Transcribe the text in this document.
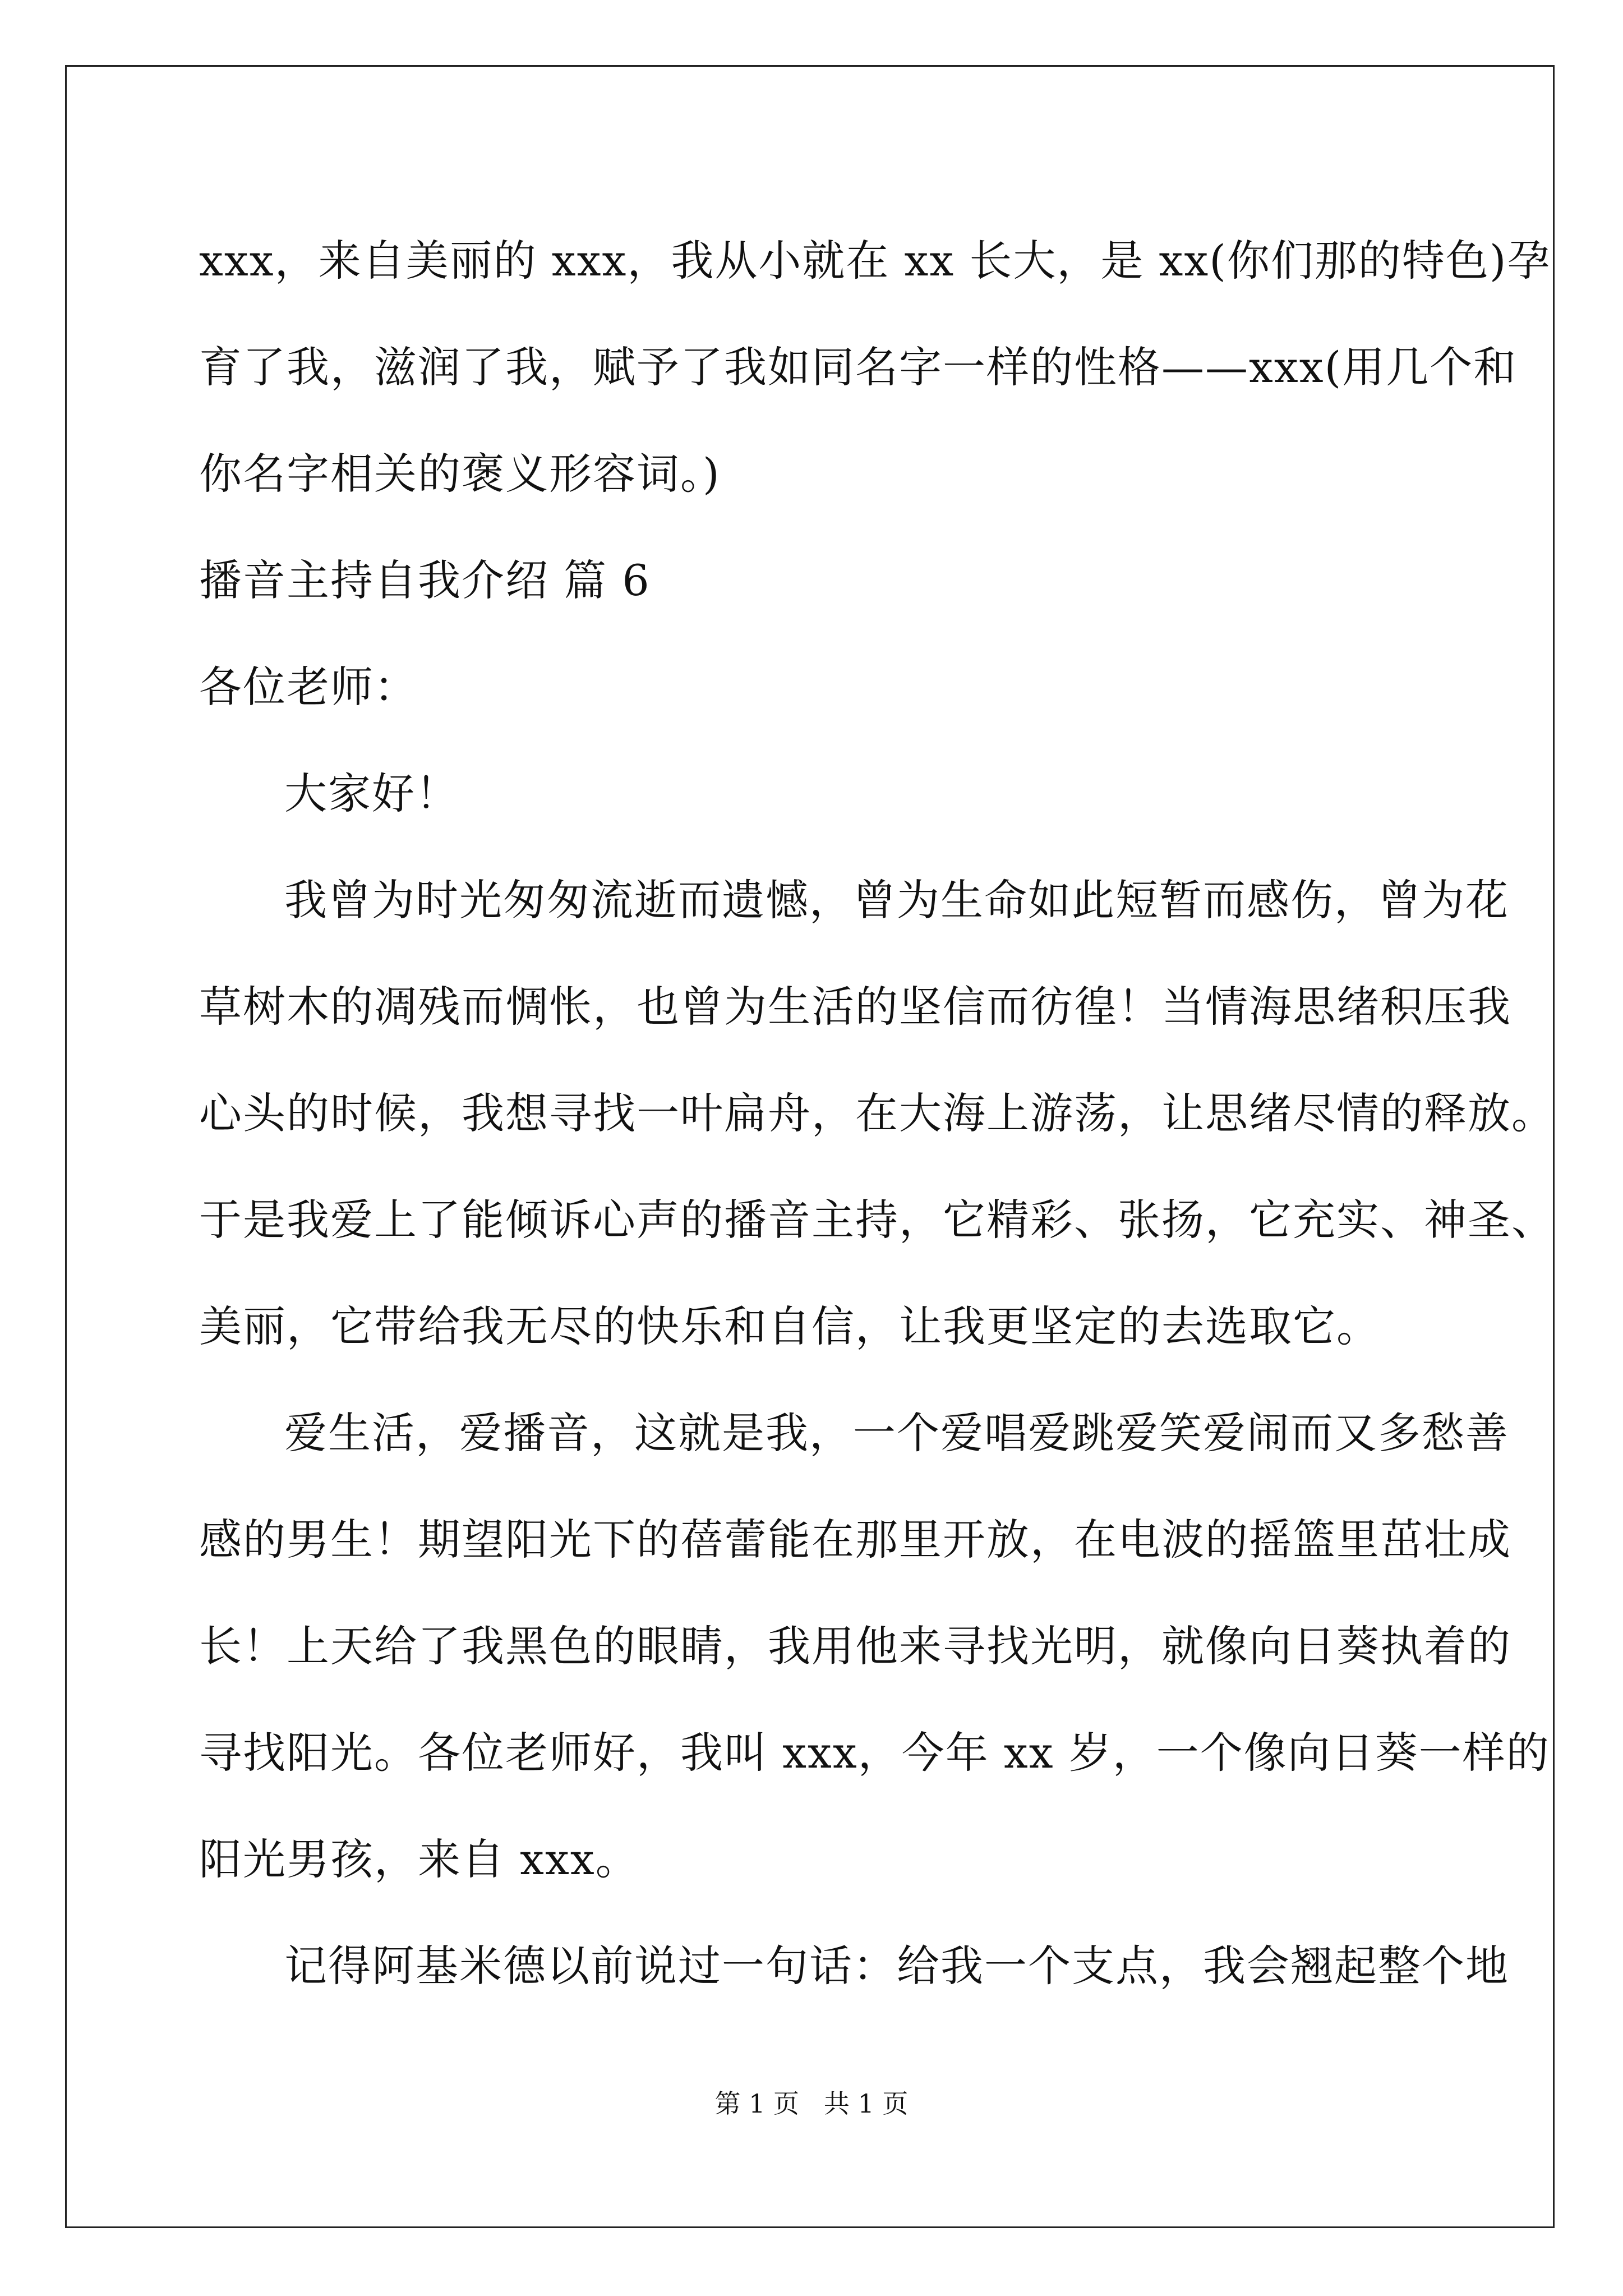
xxx，来自美丽的 xxx，我从小就在 xx 长大，是 xx(你们那的特色)孕
育了我，滋润了我，赋予了我如同名字一样的性格——xxx(用几个和
你名字相关的褒义形容词。)
播音主持自我介绍 篇 6
各位老师：
大家好！
我曾为时光匆匆流逝而遗憾，曾为生命如此短暂而感伤，曾为花
草树木的凋残而惆怅，也曾为生活的坚信而彷徨！当情海思绪积压我
心头的时候，我想寻找一叶扁舟，在大海上游荡，让思绪尽情的释放。
于是我爱上了能倾诉心声的播音主持，它精彩、张扬，它充实、神圣、
美丽，它带给我无尽的快乐和自信，让我更坚定的去选取它。
爱生活，爱播音，这就是我，一个爱唱爱跳爱笑爱闹而又多愁善
感的男生！期望阳光下的蓓蕾能在那里开放，在电波的摇篮里茁壮成
长！上天给了我黑色的眼睛，我用他来寻找光明，就像向日葵执着的
寻找阳光。各位老师好，我叫 xxx，今年 xx 岁，一个像向日葵一样的
阳光男孩，来自 xxx。
记得阿基米德以前说过一句话：给我一个支点，我会翘起整个地
第 1 页   共 1 页
